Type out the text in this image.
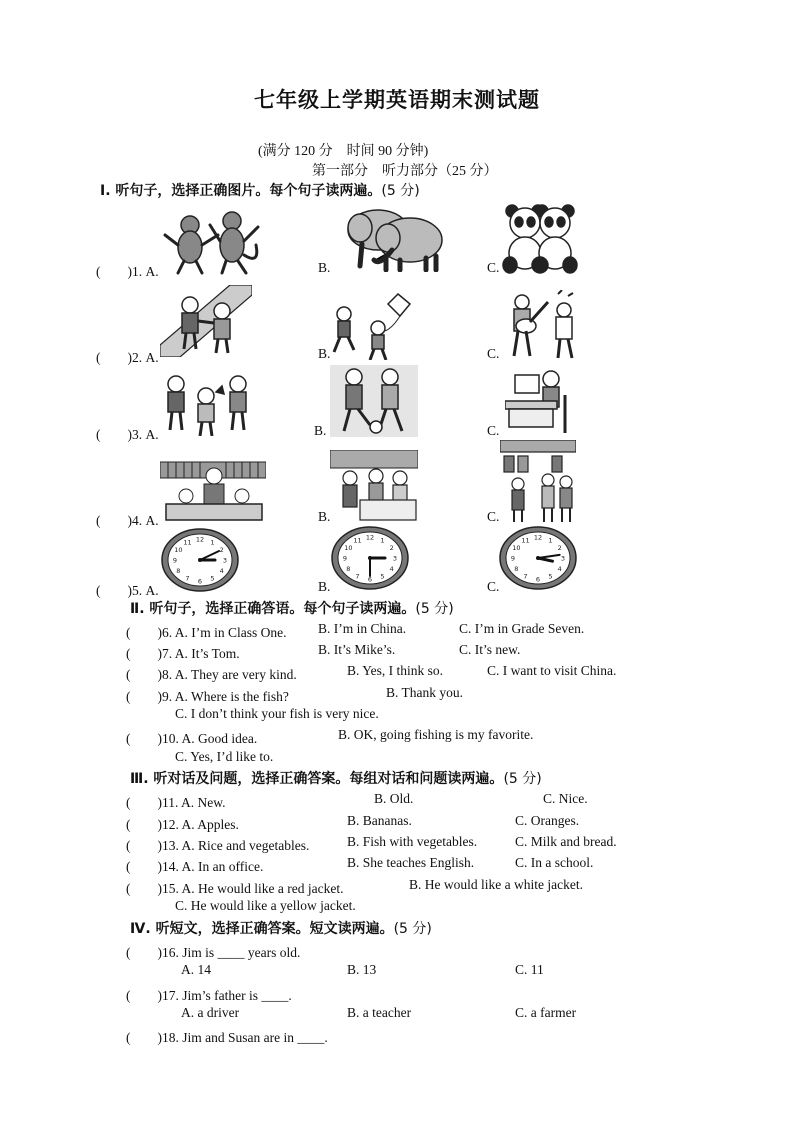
七年级上学期英语期末测试题
(满分 120 分　时间 90 分钟)
第一部分　听力部分（25 分）
Ⅰ. 听句子，选择正确图片。每个句子读两遍。(5 分)
(　　)1. A.	B.	C.
(　　)2. A.	B.	C.
(　　)3. A.	B.	C.
(　　)4. A.	B.	C.
1
2
3
4
5
6
7
8
9
10
11 12	1
2
3
4
5
6
7
8
9
10
11 12	1
2
3
4
5
6
7
8
9
10
11 12
(　　)5. A.	B.	C.
Ⅱ. 听句子，选择正确答语。每个句子读两遍。(5 分)
(　　)6. A. I’m in Class One. B. I’m in China.	C. I’m in Grade Seven.
(　　)7. A. It’s Tom.	B. It’s Mike’s.	C. It’s new.
(　　)8. A. They are very kind.	B. Yes, I think so.	C. I want to visit China.
(　　)9. A. Where is the fish?	B. Thank you.
C. I don’t think your fish is very nice.
(　　)10. A. Good idea.	B. OK, going fishing is my favorite.
C. Yes, I’d like to.
Ⅲ. 听对话及问题，选择正确答案。每组对话和问题读两遍。(5 分)
(　　)11. A. New.	B. Old.	C. Nice.
(　　)12. A. Apples.	B. Bananas.	C. Oranges.
(　　)13. A. Rice and vegetables.	B. Fish with vegetables.	C. Milk and bread.
(　　)14. A. In an office.	B. She teaches English.	C. In a school.
(　　)15. A. He would like a red jacket.	B. He would like a white jacket.
C. He would like a yellow jacket.
Ⅳ. 听短文，选择正确答案。短文读两遍。(5 分)
(　　)16. Jim is ____ years old.
A. 14	B. 13	C. 11
(　　)17. Jim’s father is ____.
A. a driver	B. a teacher	C. a farmer
(　　)18. Jim and Susan are in ____.
